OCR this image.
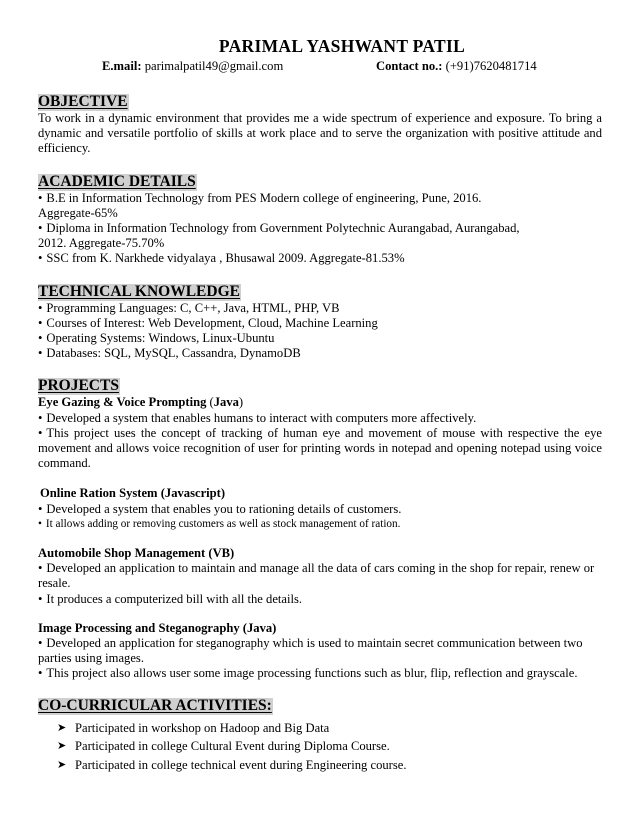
PARIMAL YASHWANT PATIL
E.mail: parimalpatil49@gmail.com	Contact no.: (+91)7620481714
OBJECTIVE
To work in a dynamic environment that provides me a wide spectrum of experience and exposure. To bring a dynamic and versatile portfolio of skills at work place and to serve the organization with positive attitude and efficiency.
ACADEMIC DETAILS
• B.E in Information Technology from PES Modern college of engineering, Pune, 2016.
Aggregate-65%
• Diploma in Information Technology from Government Polytechnic Aurangabad, Aurangabad,
2012. Aggregate-75.70%
• SSC from K. Narkhede vidyalaya , Bhusawal 2009. Aggregate-81.53%
TECHNICAL KNOWLEDGE
• Programming Languages: C, C++, Java, HTML, PHP, VB
• Courses of Interest: Web Development, Cloud, Machine Learning
• Operating Systems: Windows, Linux-Ubuntu
• Databases: SQL, MySQL, Cassandra, DynamoDB
PROJECTS
Eye Gazing & Voice Prompting (Java)
• Developed a system that enables humans to interact with computers more affectively.
• This project uses the concept of tracking of human eye and movement of mouse with respective the eye movement and allows voice recognition of user for printing words in notepad and opening notepad using voice command.
Online Ration System (Javascript)
• Developed a system that enables you to rationing details of customers.
• It allows adding or removing customers as well as stock management of ration.
Automobile Shop Management (VB)
• Developed an application to maintain and manage all the data of cars coming in the shop for repair, renew or resale.
• It produces a computerized bill with all the details.
Image Processing and Steganography (Java)
• Developed an application for steganography which is used to maintain secret communication between two parties using images.
• This project also allows user some image processing functions such as blur, flip, reflection and grayscale.
CO-CURRICULAR ACTIVITIES:
➤ Participated in workshop on Hadoop and Big Data
➤ Participated in college Cultural Event during Diploma Course.
➤ Participated in college technical event during Engineering course.
